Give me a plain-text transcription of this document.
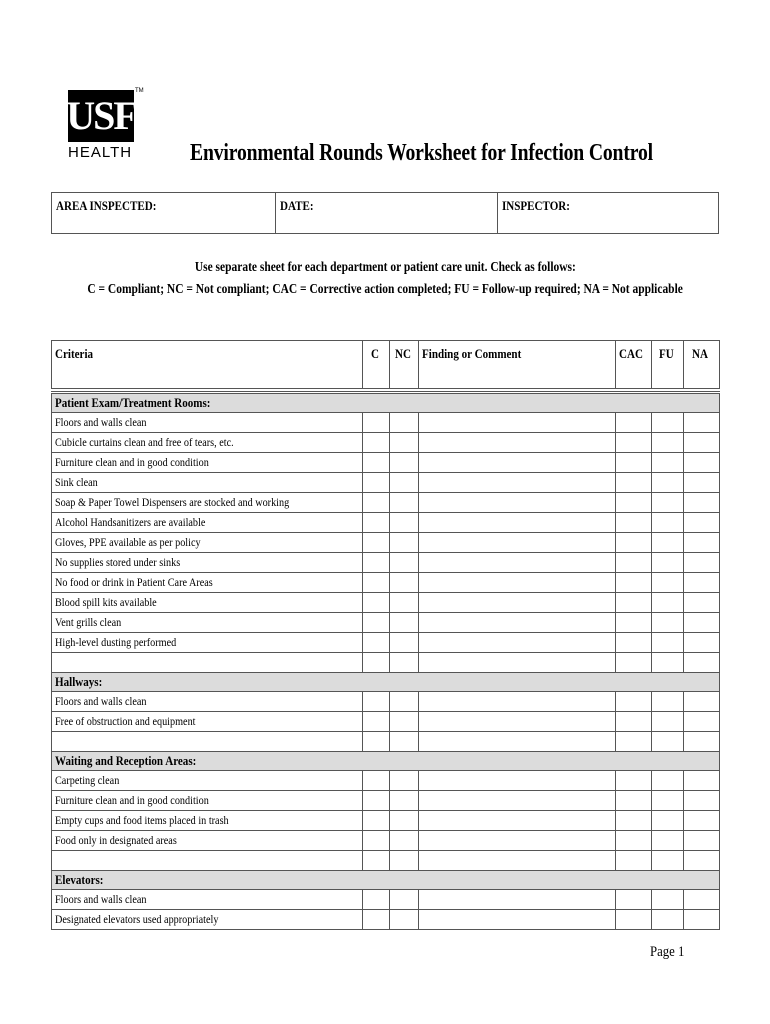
USF
TM
HEALTH	Environmental Rounds Worksheet for Infection Control
AREA INSPECTED:	DATE:	INSPECTOR:
Use separate sheet for each department or patient care unit. Check as follows:
C = Compliant; NC = Not compliant; CAC = Corrective action completed; FU = Follow-up required; NA = Not applicable
Criteria	C	NC	Finding or Comment	CAC	FU	NA

Patient Exam/Treatment Rooms:						
Floors and walls clean						
Cubicle curtains clean and free of tears, etc.						
Furniture clean and in good condition						
Sink clean						
Soap & Paper Towel Dispensers are stocked and working						
Alcohol Handsanitizers are available						
Gloves, PPE available as per policy						
No supplies stored under sinks						
No food or drink in Patient Care Areas						
Blood spill kits available						
Vent grills clean						
High-level dusting performed						

Hallways:						
Floors and walls clean						
Free of obstruction and equipment						

Waiting and Reception Areas:						
Carpeting clean						
Furniture clean and in good condition						
Empty cups and food items placed in trash						
Food only in designated areas						

Elevators:						
Floors and walls clean						
Designated elevators used appropriately						
Page 1
